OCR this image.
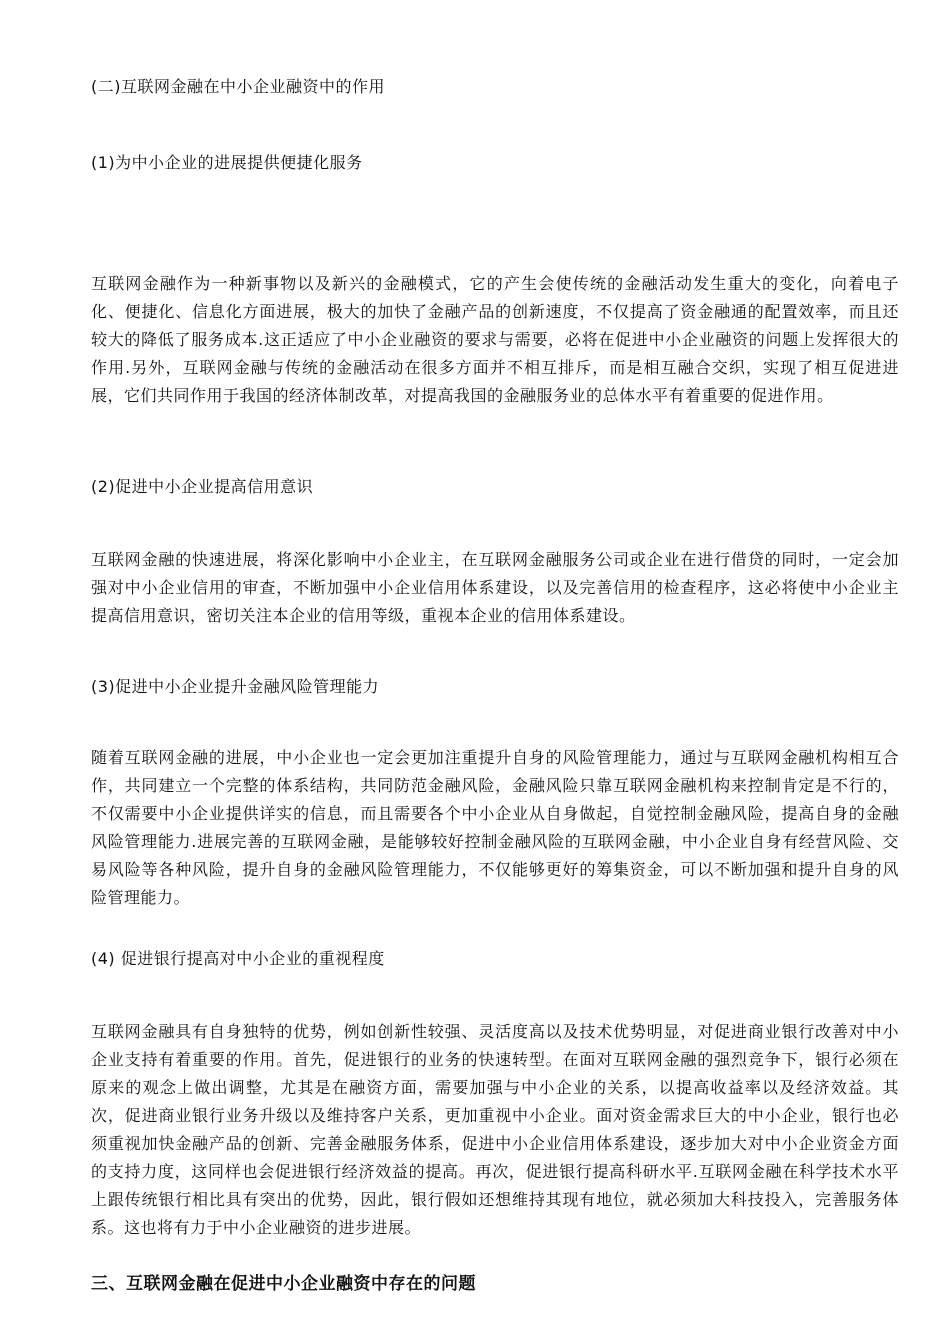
(二)互联网金融在中小企业融资中的作用
(1)为中小企业的进展提供便捷化服务
互联网金融作为一种新事物以及新兴的金融模式，它的产生会使传统的金融活动发生重大的变化，向着电子化、便捷化、信息化方面进展，极大的加快了金融产品的创新速度，不仅提高了资金融通的配置效率，而且还较大的降低了服务成本.这正适应了中小企业融资的要求与需要，必将在促进中小企业融资的问题上发挥很大的作用.另外，互联网金融与传统的金融活动在很多方面并不相互排斥，而是相互融合交织，实现了相互促进进展，它们共同作用于我国的经济体制改革，对提高我国的金融服务业的总体水平有着重要的促进作用。
(2)促进中小企业提高信用意识
互联网金融的快速进展，将深化影响中小企业主，在互联网金融服务公司或企业在进行借贷的同时，一定会加强对中小企业信用的审查，不断加强中小企业信用体系建设，以及完善信用的检查程序，这必将使中小企业主提高信用意识，密切关注本企业的信用等级，重视本企业的信用体系建设。
(3)促进中小企业提升金融风险管理能力
随着互联网金融的进展，中小企业也一定会更加注重提升自身的风险管理能力，通过与互联网金融机构相互合作，共同建立一个完整的体系结构，共同防范金融风险，金融风险只靠互联网金融机构来控制肯定是不行的，不仅需要中小企业提供详实的信息，而且需要各个中小企业从自身做起，自觉控制金融风险，提高自身的金融风险管理能力.进展完善的互联网金融，是能够较好控制金融风险的互联网金融，中小企业自身有经营风险、交易风险等各种风险，提升自身的金融风险管理能力，不仅能够更好的筹集资金，可以不断加强和提升自身的风险管理能力。
(4) 促进银行提高对中小企业的重视程度
互联网金融具有自身独特的优势，例如创新性较强、灵活度高以及技术优势明显，对促进商业银行改善对中小企业支持有着重要的作用。首先，促进银行的业务的快速转型。在面对互联网金融的强烈竞争下，银行必须在原来的观念上做出调整，尤其是在融资方面，需要加强与中小企业的关系，以提高收益率以及经济效益。其次，促进商业银行业务升级以及维持客户关系，更加重视中小企业。面对资金需求巨大的中小企业，银行也必须重视加快金融产品的创新、完善金融服务体系，促进中小企业信用体系建设，逐步加大对中小企业资金方面的支持力度，这同样也会促进银行经济效益的提高。再次，促进银行提高科研水平.互联网金融在科学技术水平上跟传统银行相比具有突出的优势，因此，银行假如还想维持其现有地位，就必须加大科技投入，完善服务体系。这也将有力于中小企业融资的进步进展。
三、互联网金融在促进中小企业融资中存在的问题
